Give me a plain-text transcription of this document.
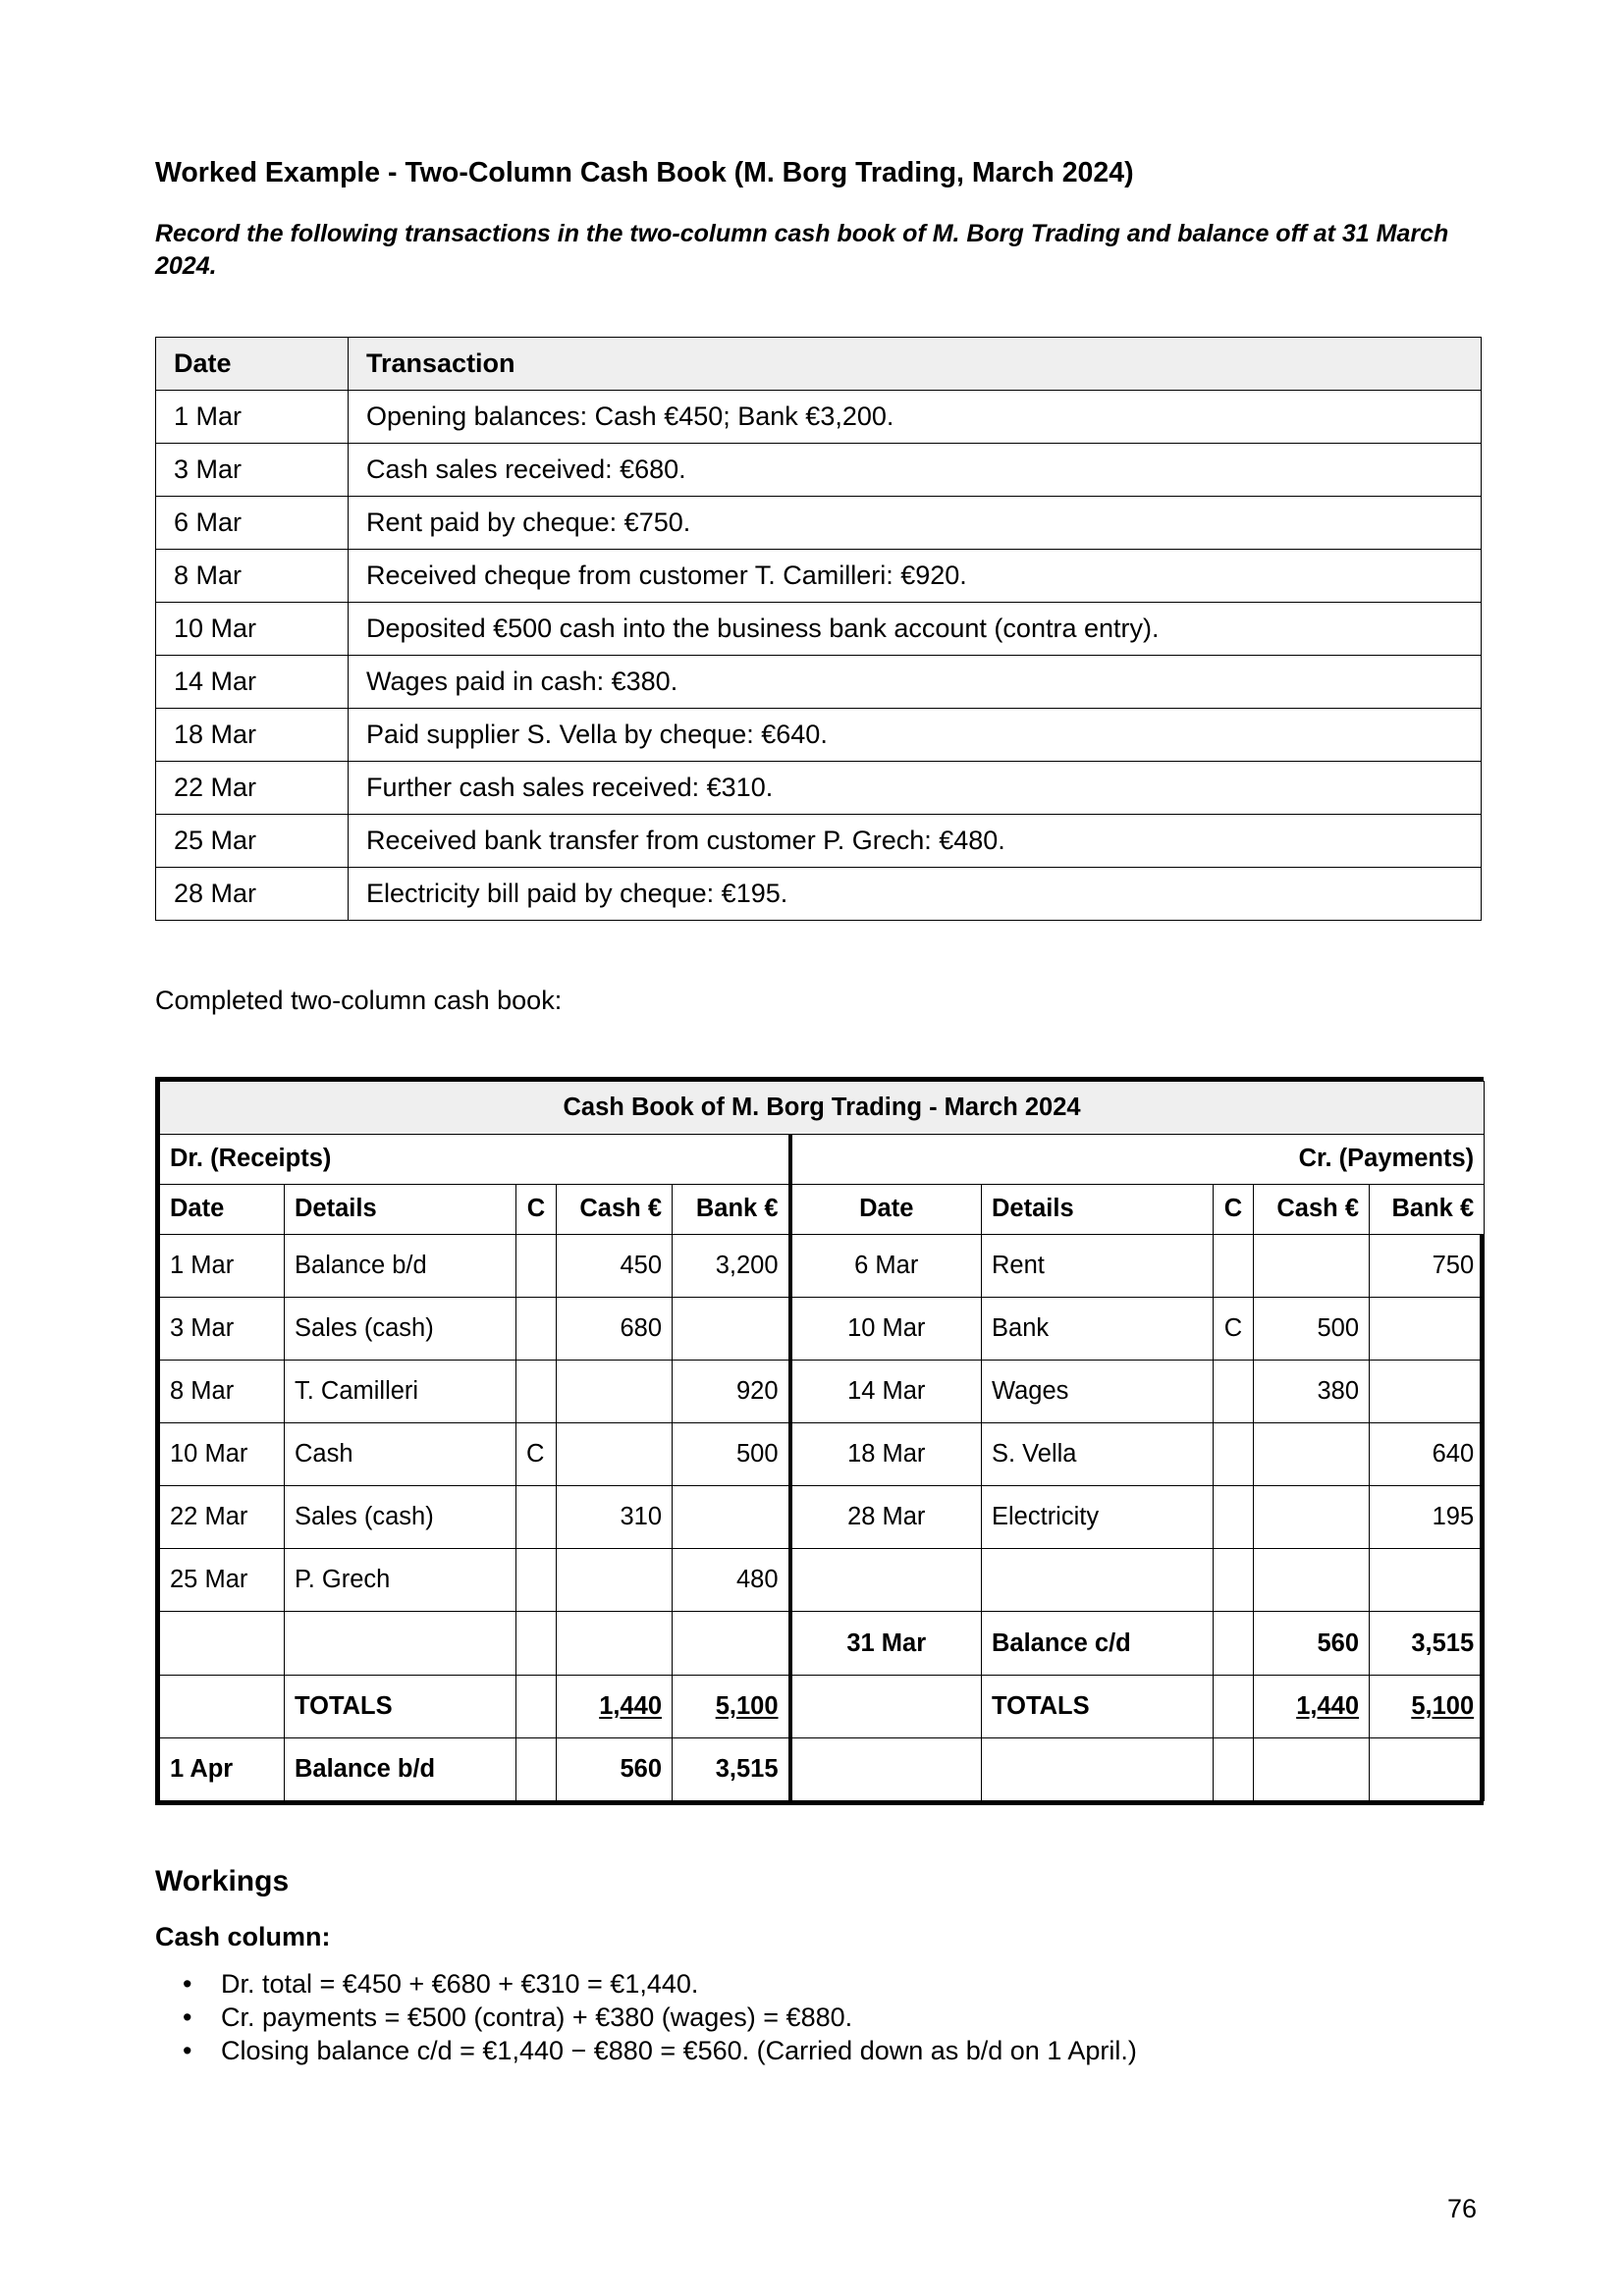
Worked Example - Two-Column Cash Book (M. Borg Trading, March 2024)

Record the following transactions in the two-column cash book of M. Borg Trading and balance off at 31 March 2024.

Date	Transaction
1 Mar	Opening balances: Cash €450; Bank €3,200.
3 Mar	Cash sales received: €680.
6 Mar	Rent paid by cheque: €750.
8 Mar	Received cheque from customer T. Camilleri: €920.
10 Mar	Deposited €500 cash into the business bank account (contra entry).
14 Mar	Wages paid in cash: €380.
18 Mar	Paid supplier S. Vella by cheque: €640.
22 Mar	Further cash sales received: €310.
25 Mar	Received bank transfer from customer P. Grech: €480.
28 Mar	Electricity bill paid by cheque: €195.

Completed two-column cash book:

Cash Book of M. Borg Trading - March 2024									
Dr. (Receipts)					Cr. (Payments)				
Date	Details	C	Cash €	Bank €	Date	Details	C	Cash €	Bank €
1 Mar	Balance b/d		450	3,200	6 Mar	Rent			750
3 Mar	Sales (cash)		680		10 Mar	Bank	C	500	
8 Mar	T. Camilleri			920	14 Mar	Wages		380	
10 Mar	Cash	C		500	18 Mar	S. Vella			640
22 Mar	Sales (cash)		310		28 Mar	Electricity			195
25 Mar	P. Grech			480					
					31 Mar	Balance c/d		560	3,515
	TOTALS		1,440	5,100		TOTALS		1,440	5,100
1 Apr	Balance b/d		560	3,515					
Workings
Cash column:
• Dr. total = €450 + €680 + €310 = €1,440.
• Cr. payments = €500 (contra) + €380 (wages) = €880.
• Closing balance c/d = €1,440 − €880 = €560. (Carried down as b/d on 1 April.)

76
